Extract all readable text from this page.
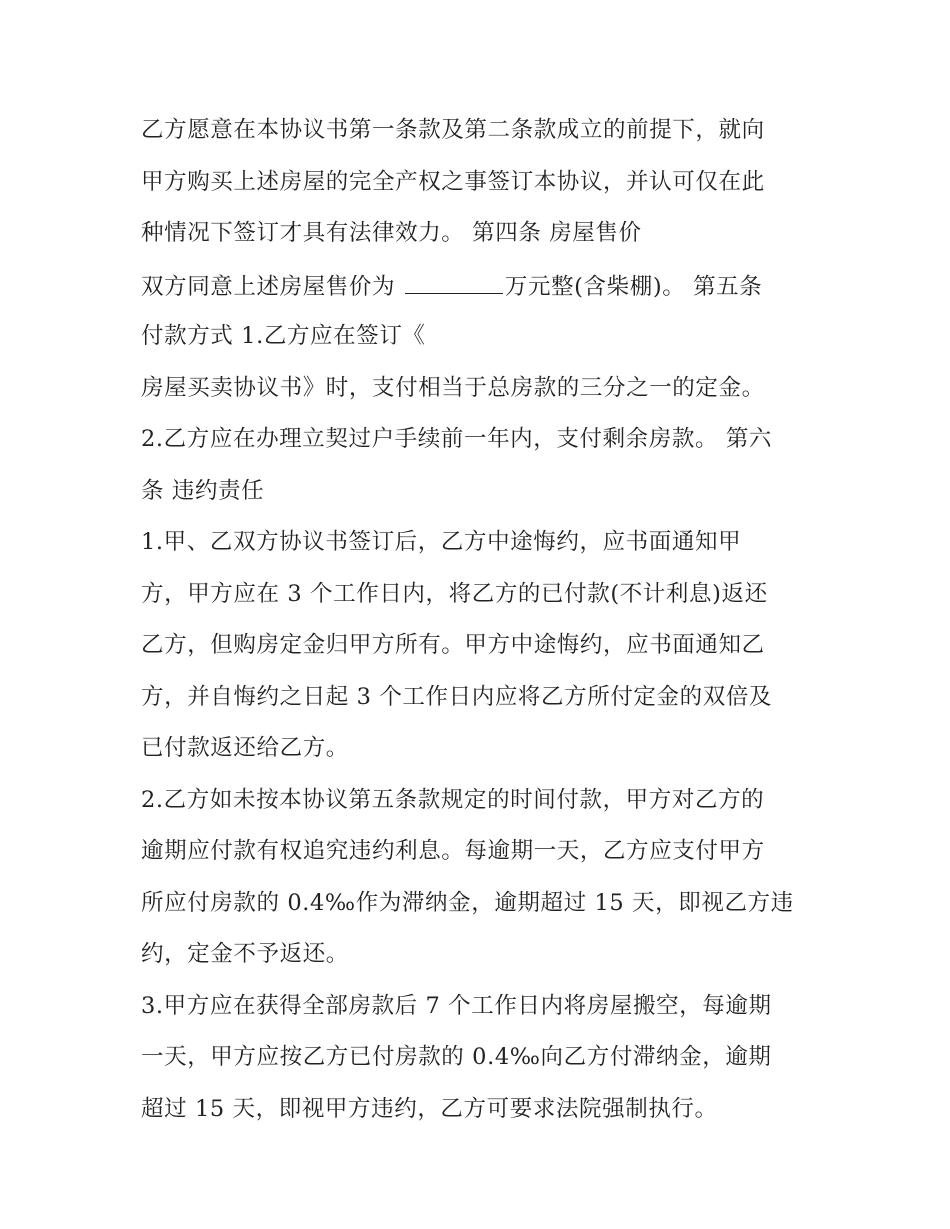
乙方愿意在本协议书第一条款及第二条款成立的前提下，就向
甲方购买上述房屋的完全产权之事签订本协议，并认可仅在此
种情况下签订才具有法律效力。 第四条 房屋售价
双方同意上述房屋售价为	万元整(含柴棚)。 第五条
付款方式 1.乙方应在签订《
房屋买卖协议书》时，支付相当于总房款的三分之一的定金。
2.乙方应在办理立契过户手续前一年内，支付剩余房款。 第六
条 违约责任
1.甲、乙双方协议书签订后，乙方中途悔约，应书面通知甲
方，甲方应在 3 个工作日内，将乙方的已付款(不计利息)返还
乙方，但购房定金归甲方所有。甲方中途悔约，应书面通知乙
方，并自悔约之日起 3 个工作日内应将乙方所付定金的双倍及
已付款返还给乙方。
2.乙方如未按本协议第五条款规定的时间付款，甲方对乙方的
逾期应付款有权追究违约利息。每逾期一天，乙方应支付甲方
所应付房款的 0.4‰作为滞纳金，逾期超过 15 天，即视乙方违
约，定金不予返还。
3.甲方应在获得全部房款后 7 个工作日内将房屋搬空，每逾期
一天，甲方应按乙方已付房款的 0.4‰向乙方付滞纳金，逾期
超过 15 天，即视甲方违约，乙方可要求法院强制执行。
